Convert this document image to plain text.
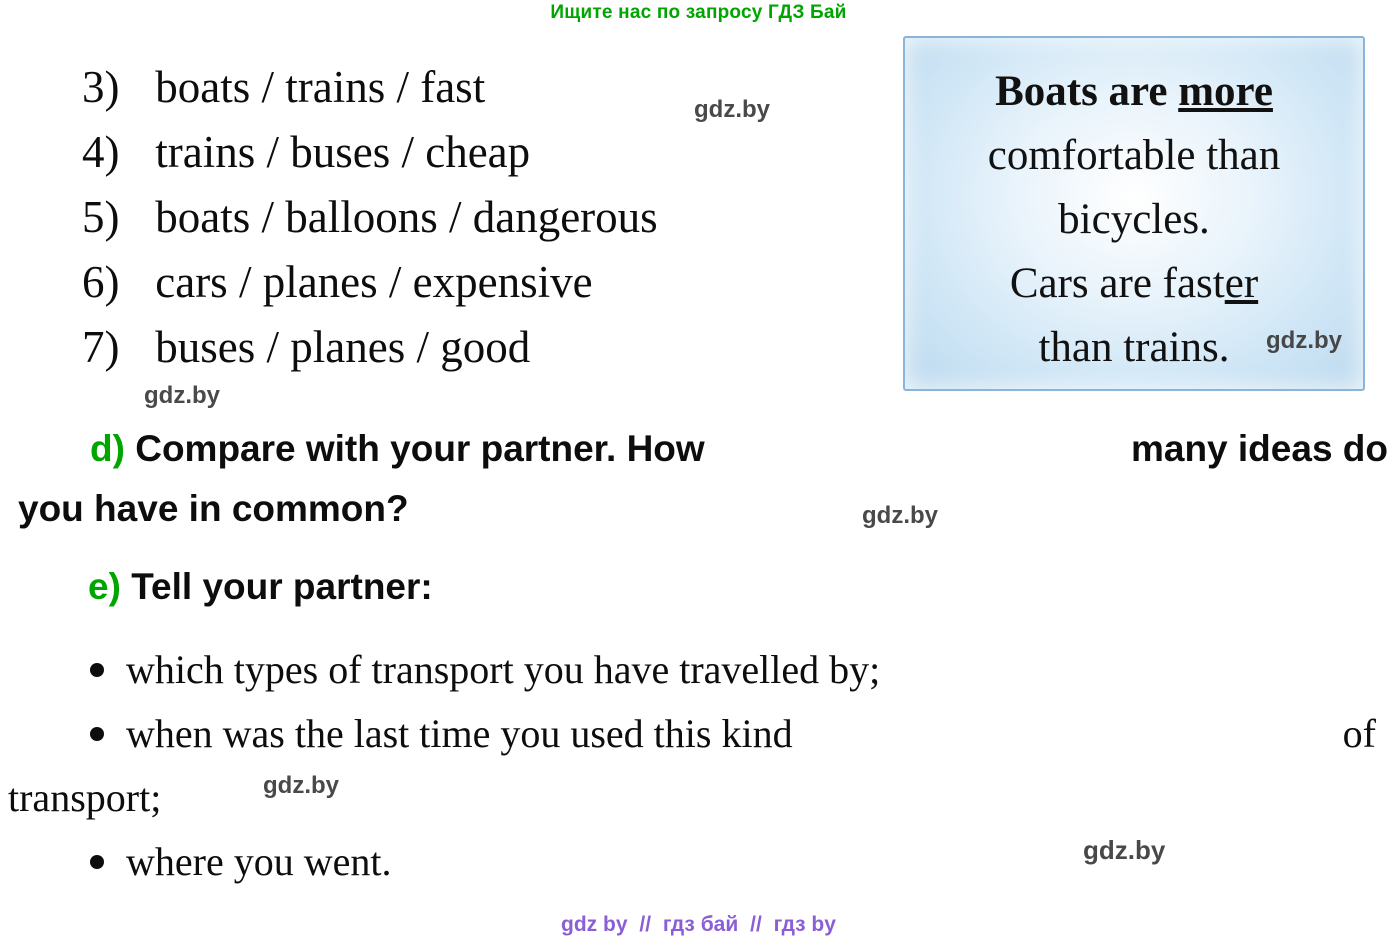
Ищите нас по запросу ГДЗ Бай
3) boats / trains / fast
4) trains / buses / cheap
5) boats / balloons / dangerous
6) cars / planes / expensive
7) buses / planes / good
Boats are more
comfortable than
bicycles.
Cars are faster
than trains.
d) Compare with your partner. How	many ideas do
you have in common?
e) Tell your partner:
which types of transport you have travelled by;
when was the last time you used this kind	of
transport;
where you went.
gdz.by
gdz.by
gdz.by
gdz.by
gdz.by
gdz.by
gdz by // гдз бай // гдз by
